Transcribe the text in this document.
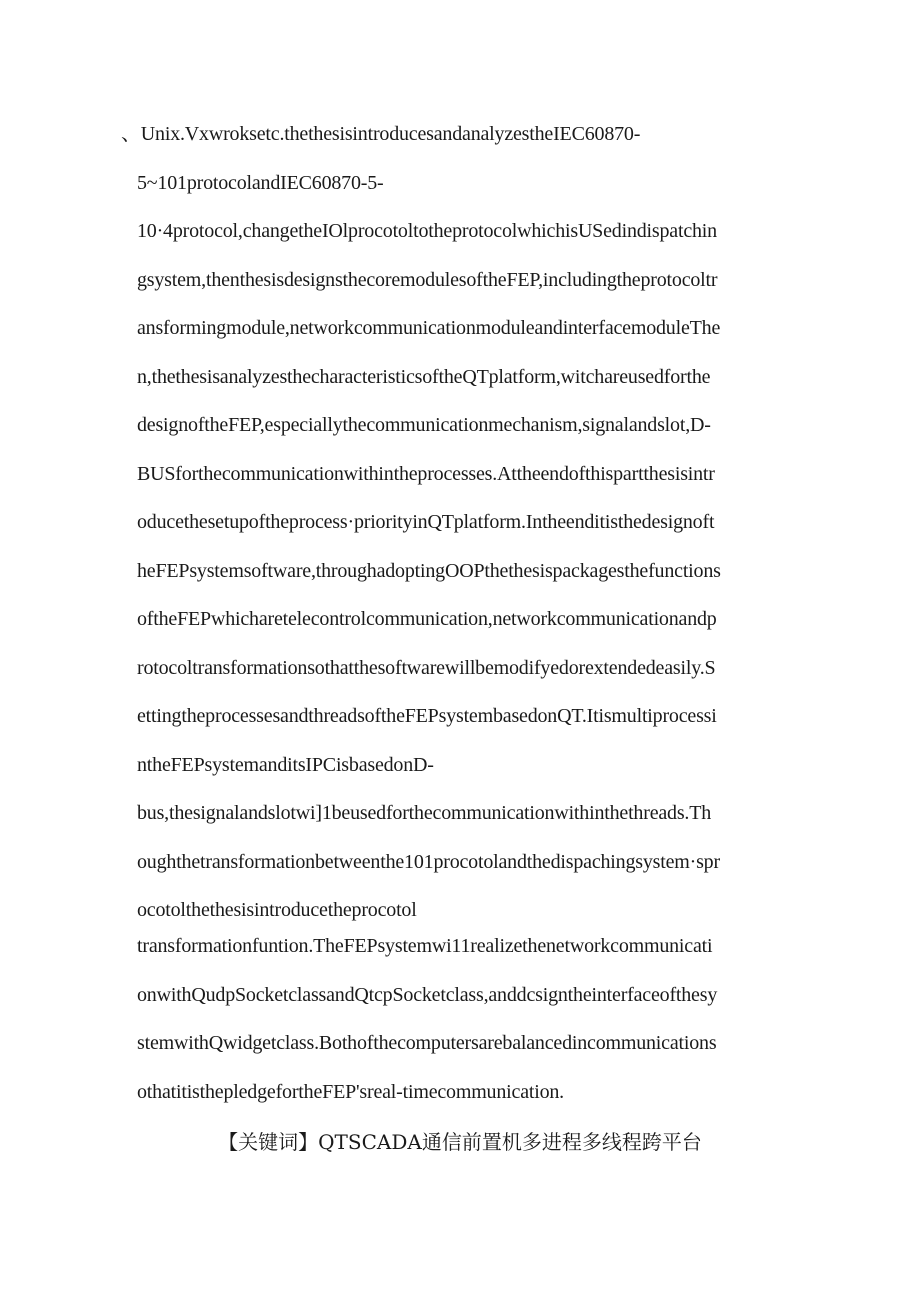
、Unix.Vxwroksetc.thethesisintroducesandanalyzestheIEC60870-
5~101protocolandIEC60870-5-
10·4protocol,changetheIOlprocotoltotheprotocolwhichisUSedindispatchin
gsystem,thenthesisdesignsthecoremodulesoftheFEP,includingtheprotocoltr
ansformingmodule,networkcommunicationmoduleandinterfacemoduleThe
n,thethesisanalyzesthecharacteristicsoftheQTplatform,witchareusedforthe
designoftheFEP,especiallythecommunicationmechanism,signalandslot,D-
BUSforthecommunicationwithintheprocesses.Attheendofthispartthesisintr
oducethesetupoftheprocess·priorityinQTplatform.Intheenditisthedesignoft
heFEPsystemsoftware,throughadoptingOOPthethesispackagesthefunctions
oftheFEPwhicharetelecontrolcommunication,networkcommunicationandp
rotocoltransformationsothatthesoftwarewillbemodifyedorextendedeasily.S
ettingtheprocessesandthreadsoftheFEPsystembasedonQT.Itismultiprocessi
ntheFEPsystemanditsIPCisbasedonD-
bus,thesignalandslotwi]1beusedforthecommunicationwithinthethreads.Th
oughthetransformationbetweenthe101procotolandthedispachingsystem·spr
ocotolthethesisintroducetheprocotol
transformationfuntion.TheFEPsystemwi11realizethenetworkcommunicati
onwithQudpSocketclassandQtcpSocketclass,anddcsigntheinterfaceofthesy
stemwithQwidgetclass.Bothofthecomputersarebalancedincommunications
othatitisthepledgefortheFEP'sreal-timecommunication.
【关键词】QTSCADA通信前置机多进程多线程跨平台
